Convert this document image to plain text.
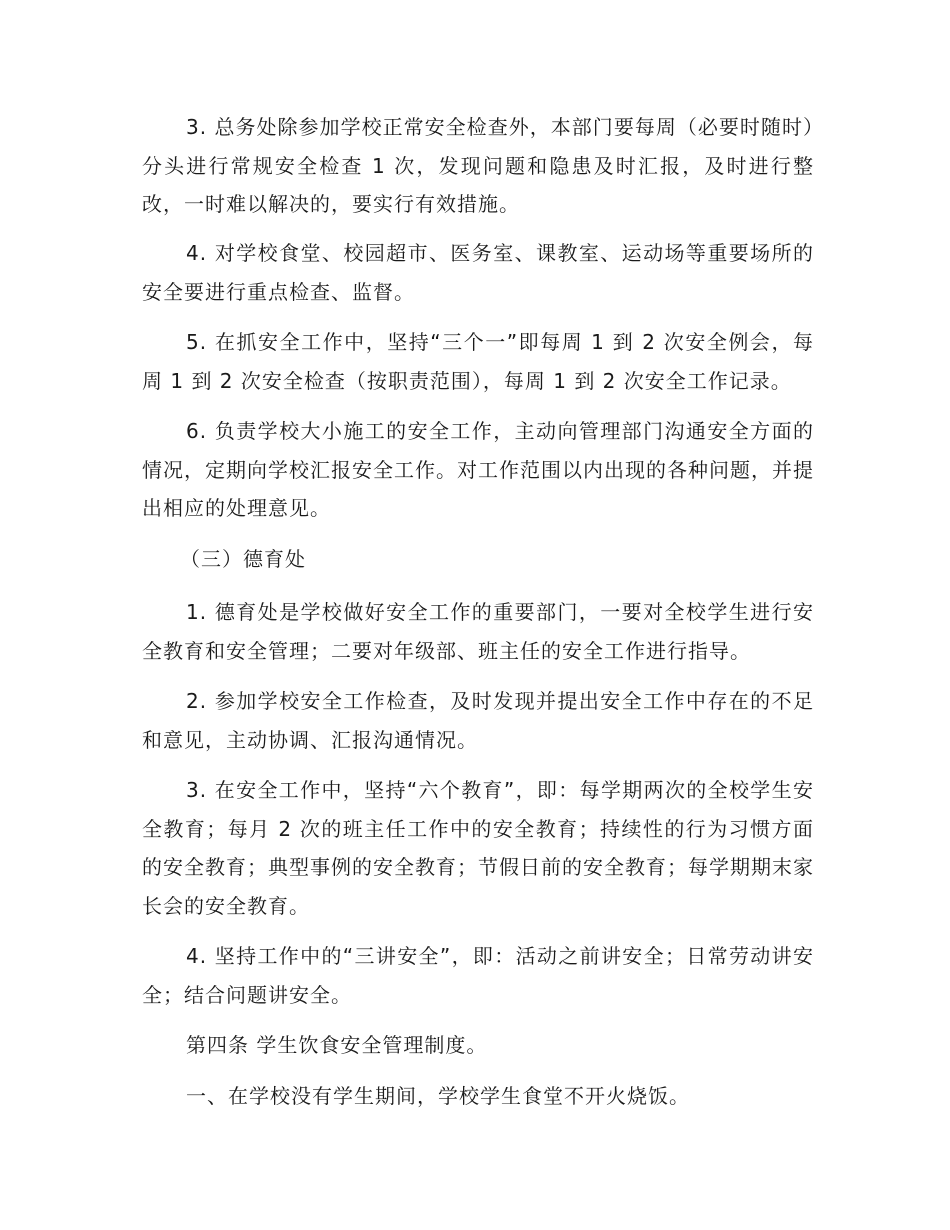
3. 总务处除参加学校正常安全检查外，本部门要每周（必要时随时）分头进行常规安全检查 1 次，发现问题和隐患及时汇报，及时进行整改，一时难以解决的，要实行有效措施。

4. 对学校食堂、校园超市、医务室、课教室、运动场等重要场所的安全要进行重点检查、监督。

5. 在抓安全工作中，坚持“三个一”即每周 1 到 2 次安全例会，每周 1 到 2 次安全检查（按职责范围），每周 1 到 2 次安全工作记录。

6. 负责学校大小施工的安全工作，主动向管理部门沟通安全方面的情况，定期向学校汇报安全工作。对工作范围以内出现的各种问题，并提出相应的处理意见。

（三）德育处

1. 德育处是学校做好安全工作的重要部门，一要对全校学生进行安全教育和安全管理；二要对年级部、班主任的安全工作进行指导。

2. 参加学校安全工作检查，及时发现并提出安全工作中存在的不足和意见，主动协调、汇报沟通情况。

3. 在安全工作中，坚持“六个教育”，即：每学期两次的全校学生安全教育；每月 2 次的班主任工作中的安全教育；持续性的行为习惯方面的安全教育；典型事例的安全教育；节假日前的安全教育；每学期期末家长会的安全教育。

4. 坚持工作中的“三讲安全”，即：活动之前讲安全；日常劳动讲安全；结合问题讲安全。

第四条 学生饮食安全管理制度。

一、在学校没有学生期间，学校学生食堂不开火烧饭。
